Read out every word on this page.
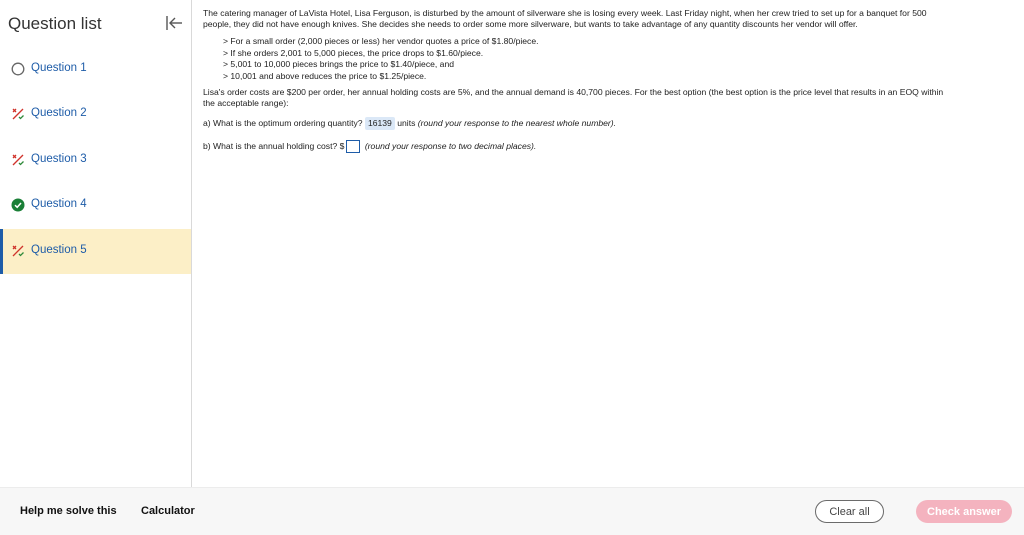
Question list
Question 1
Question 2
Question 3
Question 4
Question 5
The catering manager of LaVista Hotel, Lisa Ferguson, is disturbed by the amount of silverware she is losing every week. Last Friday night, when her crew tried to set up for a banquet for 500
people, they did not have enough knives. She decides she needs to order some more silverware, but wants to take advantage of any quantity discounts her vendor will offer.
> For a small order (2,000 pieces or less) her vendor quotes a price of $1.80/piece.
> If she orders 2,001 to 5,000 pieces, the price drops to $1.60/piece.
> 5,001 to 10,000 pieces brings the price to $1.40/piece, and
> 10,001 and above reduces the price to $1.25/piece.
Lisa's order costs are $200 per order, her annual holding costs are 5%, and the annual demand is 40,700 pieces. For the best option (the best option is the price level that results in an EOQ within
the acceptable range):
a) What is the optimum ordering quantity? 16139 units (round your response to the nearest whole number).
b) What is the annual holding cost? $ (round your response to two decimal places).
Help me solve this Calculator	Clear all	Check answer
